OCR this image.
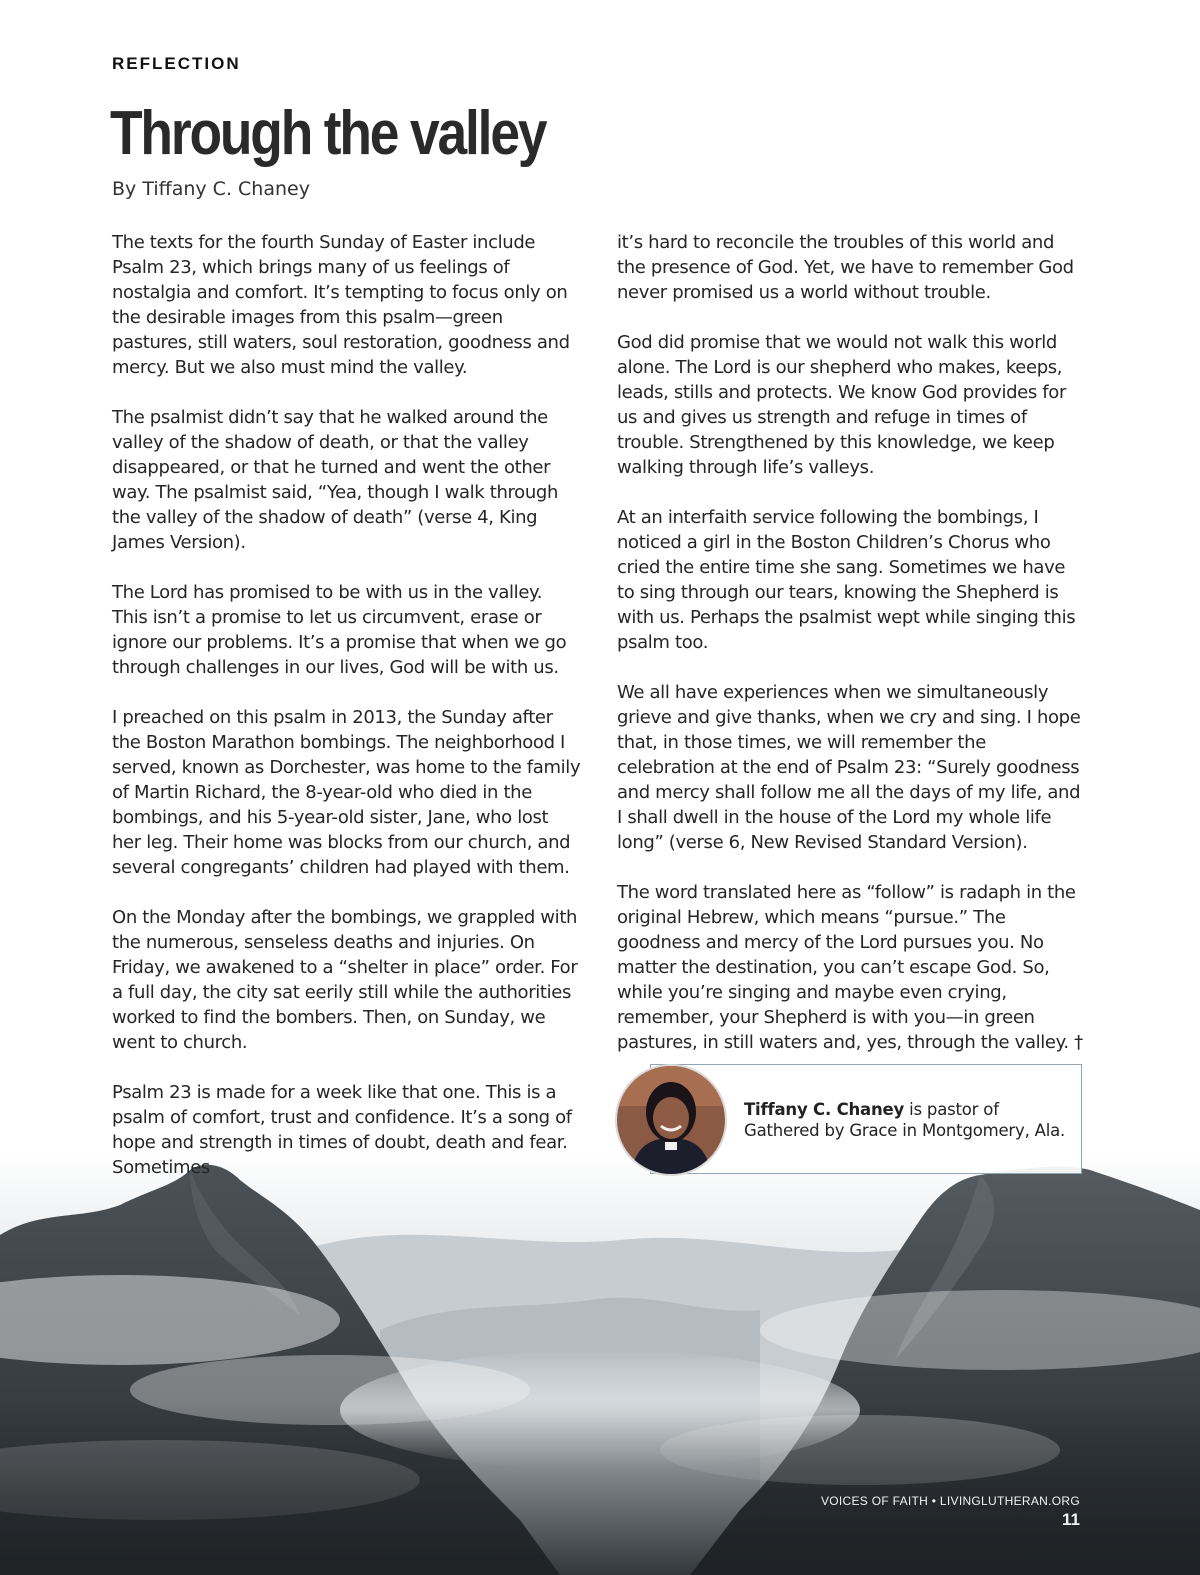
REFLECTION
Through the valley
By Tiffany C. Chaney

The texts for the fourth Sunday of Easter include Psalm 23, which brings many of us feelings of nostalgia and comfort. It’s tempting to focus only on the desirable images from this psalm—green pastures, still waters, soul restoration, goodness and mercy. But we also must mind the valley.

The psalmist didn’t say that he walked around the valley of the shadow of death, or that the valley disappeared, or that he turned and went the other way. The psalmist said, “Yea, though I walk through the valley of the shadow of death” (verse 4, King James Version).

The Lord has promised to be with us in the valley. This isn’t a promise to let us circumvent, erase or ignore our problems. It’s a promise that when we go through challenges in our lives, God will be with us.

I preached on this psalm in 2013, the Sunday after the Boston Marathon bombings. The neighborhood I served, known as Dorchester, was home to the family of Martin Richard, the 8-year-old who died in the bombings, and his 5-year-old sister, Jane, who lost her leg. Their home was blocks from our church, and several congregants’ children had played with them.

On the Monday after the bombings, we grappled with the numerous, senseless deaths and injuries. On Friday, we awakened to a “shelter in place” order. For a full day, the city sat eerily still while the authorities worked to find the bombers. Then, on Sunday, we went to church.

Psalm 23 is made for a week like that one. This is a psalm of comfort, trust and confidence. It’s a song of hope and strength in times of doubt, death and fear. Sometimes

it’s hard to reconcile the troubles of this world and the presence of God. Yet, we have to remember God never promised us a world without trouble.

God did promise that we would not walk this world alone. The Lord is our shepherd who makes, keeps, leads, stills and protects. We know God provides for us and gives us strength and refuge in times of trouble. Strengthened by this knowledge, we keep walking through life’s valleys.

At an interfaith service following the bombings, I noticed a girl in the Boston Children’s Chorus who cried the entire time she sang. Sometimes we have to sing through our tears, knowing the Shepherd is with us. Perhaps the psalmist wept while singing this psalm too.

We all have experiences when we simultaneously grieve and give thanks, when we cry and sing. I hope that, in those times, we will remember the celebration at the end of Psalm 23: “Surely goodness and mercy shall follow me all the days of my life, and I shall dwell in the house of the Lord my whole life long” (verse 6, New Revised Standard Version).

The word translated here as “follow” is radaph in the original Hebrew, which means “pursue.” The goodness and mercy of the Lord pursues you. No matter the destination, you can’t escape God. So, while you’re singing and maybe even crying, remember, your Shepherd is with you—in green pastures, in still waters and, yes, through the valley. †

Tiffany C. Chaney is pastor of Gathered by Grace in Montgomery, Ala.
VOICES OF FAITH • LIVINGLUTHERAN.ORG 11
